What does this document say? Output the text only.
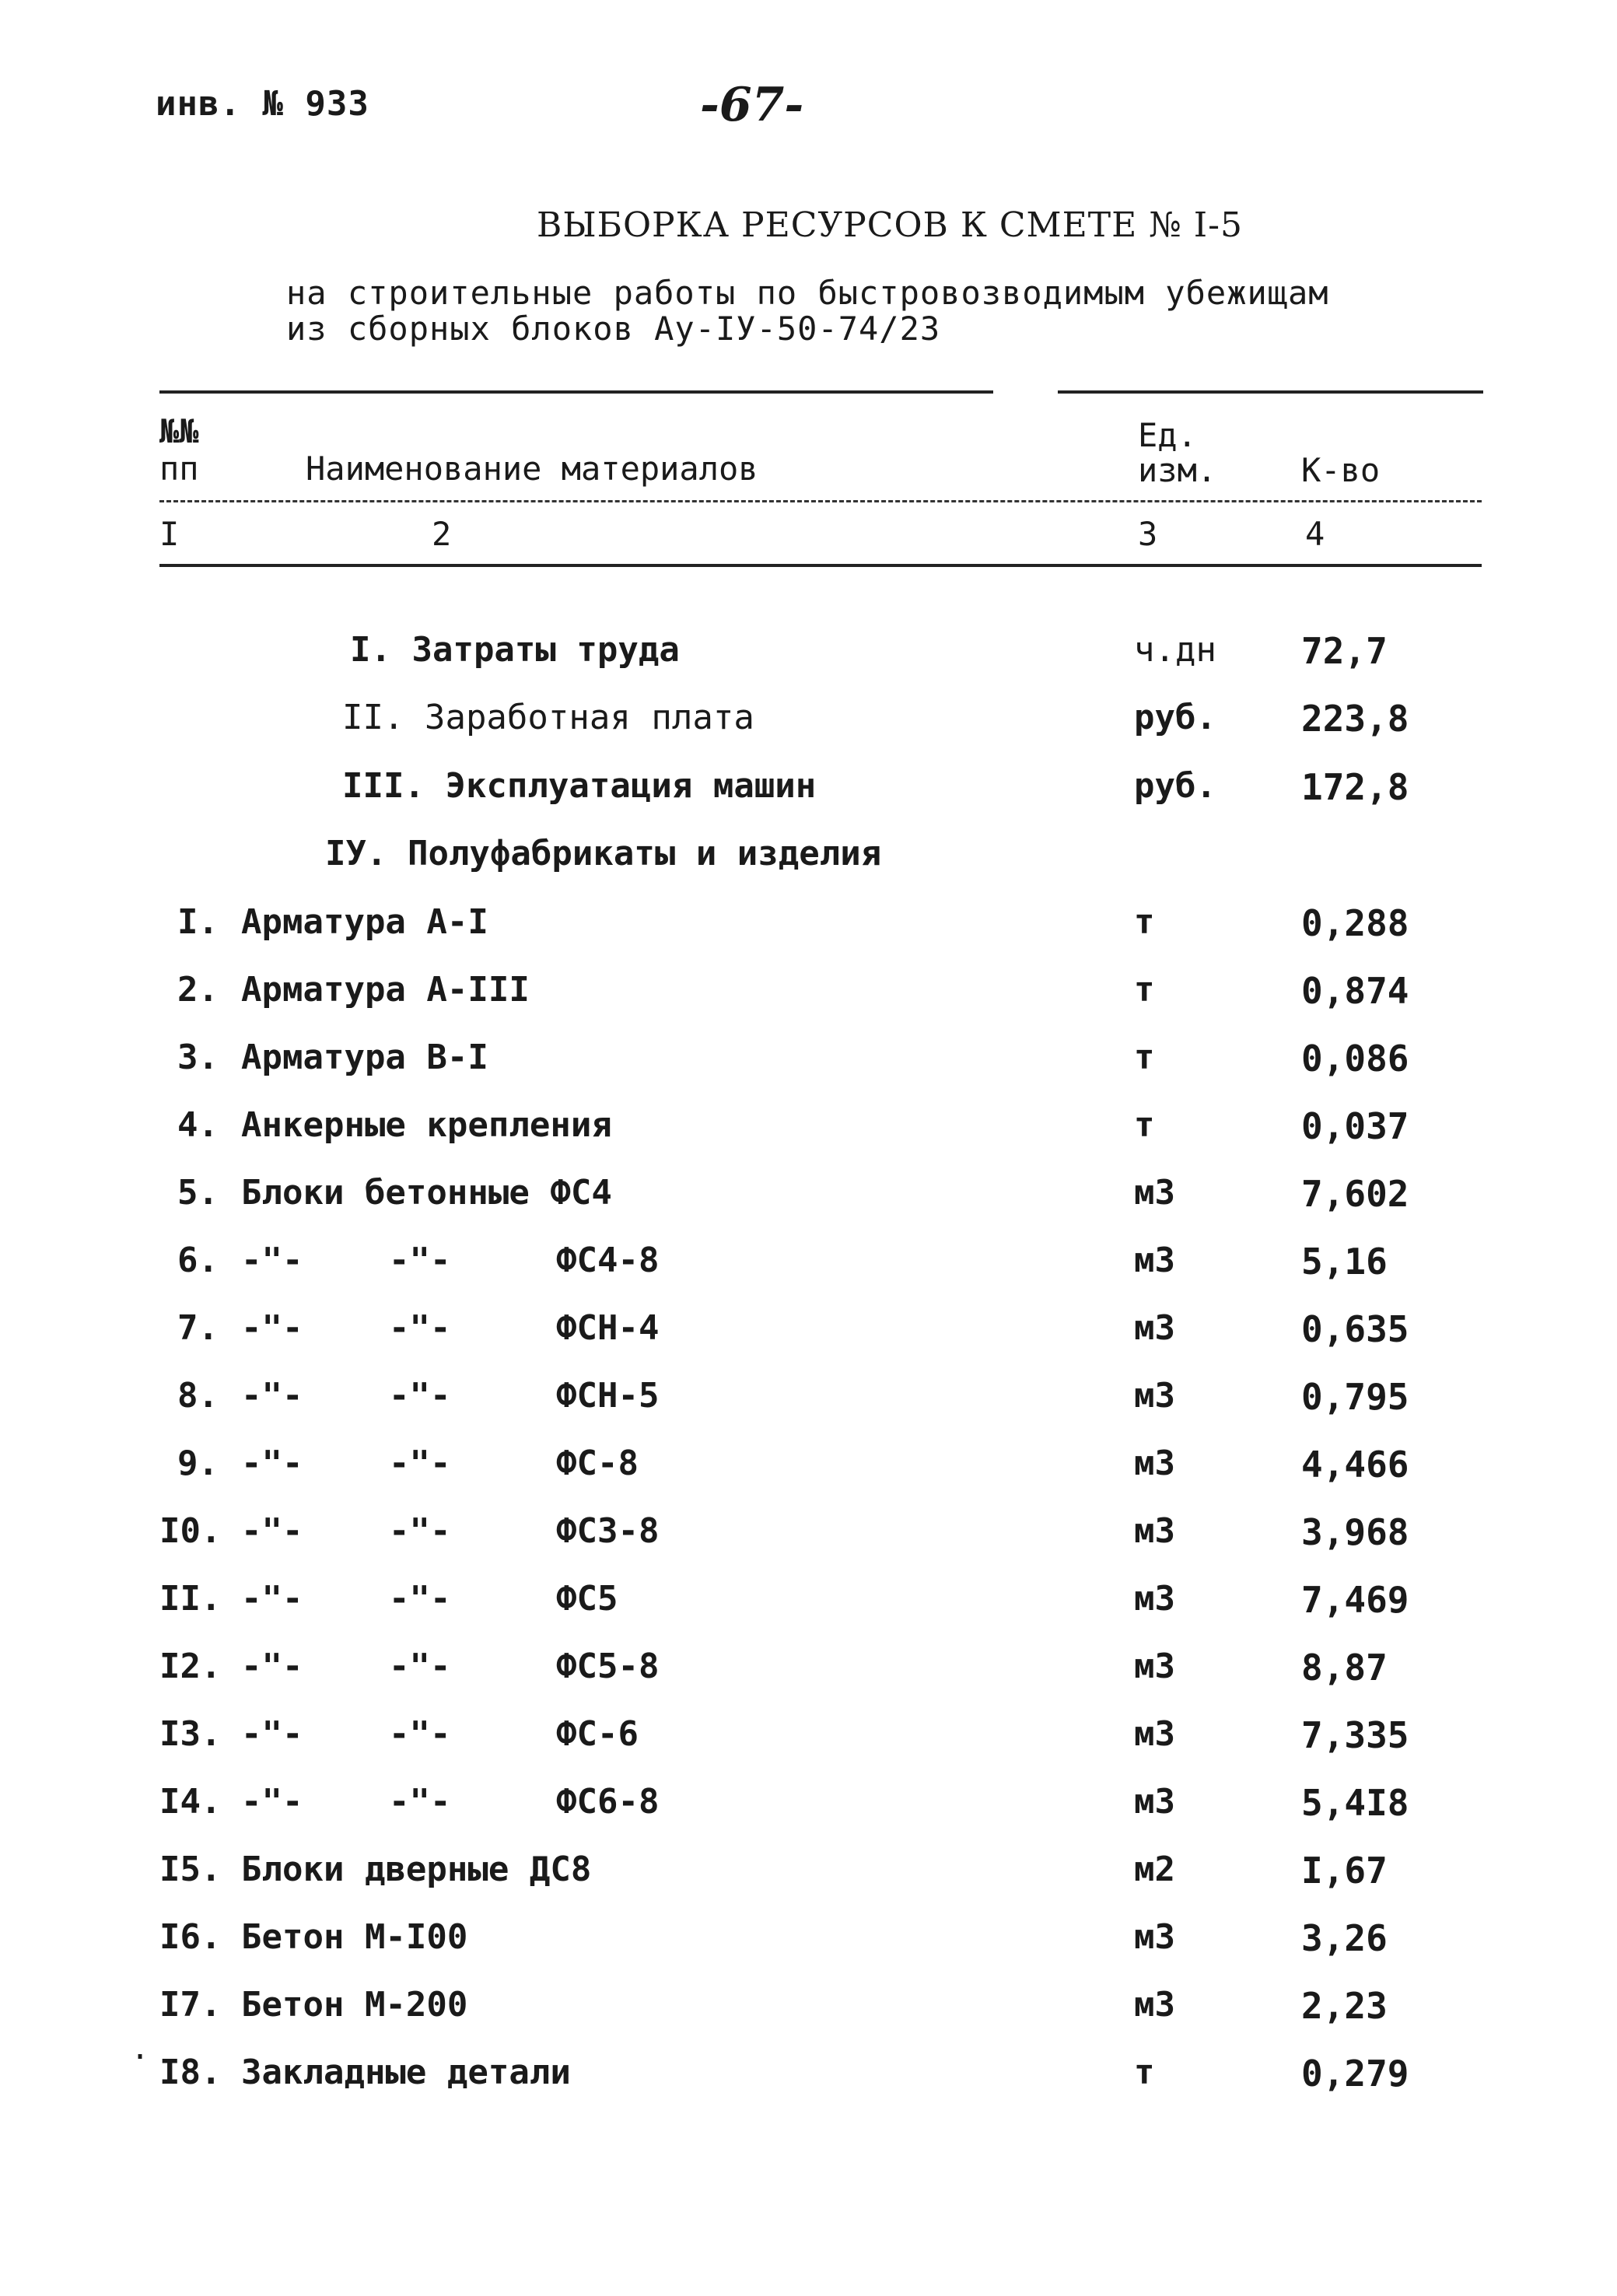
инв. № 933	-67-
ВЫБОРКА РЕСУРСОВ К СМЕТЕ № I-5
на строительные работы по быстровозводимым убежищам
из сборных блоков Ау-IУ-50-74/23
№№
пп	Наименование материалов
Ед.
изм.	К-во
I	2	3	4
I. Затраты труда	ч.дн 72,7
II. Заработная плата	руб. 223,8
III. Эксплуатация машин	руб. 172,8
IУ. Полуфабрикаты и изделия
I. Арматура А-I	т	0,288
2. Арматура А-III	т	0,874
3. Арматура В-I	т	0,086
4. Анкерные крепления	т	0,037
5. Блоки бетонные ФС4	м3	7,602
6. -"-	-"-	ФС4-8	м3	5,16
7. -"-	-"-	ФСН-4	м3	0,635
8. -"-	-"-	ФСН-5	м3	0,795
9. -"-	-"-	ФС-8	м3	4,466
I0. -"-	-"-	ФС3-8	м3	3,968
II. -"-	-"-	ФС5	м3	7,469
I2. -"-	-"-	ФС5-8	м3	8,87
I3. -"-	-"-	ФС-6	м3	7,335
I4. -"-	-"-	ФС6-8	м3	5,4I8
I5. Блоки дверные ДС8	м2	I,67
I6. Бетон М-I00	м3	3,26
I7. Бетон М-200	м3	2,23
I8. Закладные детали	т	0,279
·
